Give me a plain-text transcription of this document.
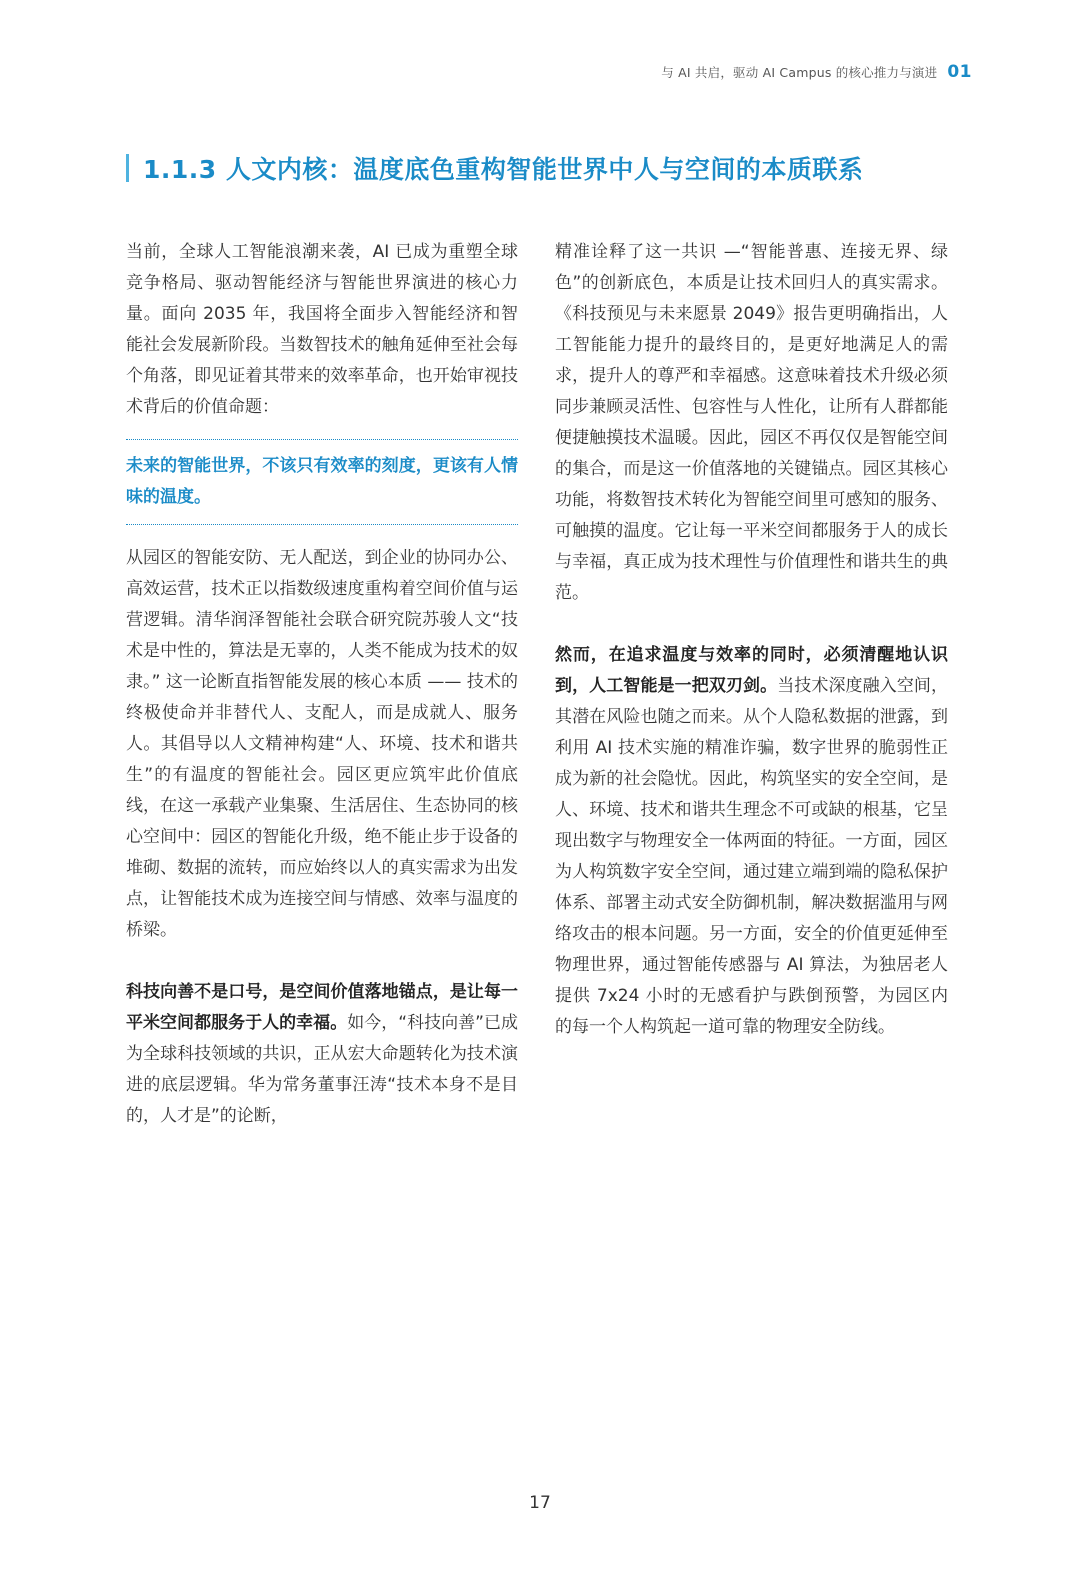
与 AI 共启，驱动 AI Campus 的核心推力与演进 01
1.1.3 人文内核：温度底色重构智能世界中人与空间的本质联系

当前，全球人工智能浪潮来袭，AI 已成为重塑全球竞争格局、驱动智能经济与智能世界演进的核心力量。面向 2035 年，我国将全面步入智能经济和智能社会发展新阶段。当数智技术的触角延伸至社会每个角落，即见证着其带来的效率革命，也开始审视技术背后的价值命题：

未来的智能世界，不该只有效率的刻度，更该有人情味的温度。

从园区的智能安防、无人配送，到企业的协同办公、高效运营，技术正以指数级速度重构着空间价值与运营逻辑。清华润泽智能社会联合研究院苏骏人文“技术是中性的，算法是无辜的，人类不能成为技术的奴隶。” 这一论断直指智能发展的核心本质 —— 技术的终极使命并非替代人、支配人，而是成就人、服务人。其倡导以人文精神构建“人、环境、技术和谐共生”的有温度的智能社会。园区更应筑牢此价值底线，在这一承载产业集聚、生活居住、生态协同的核心空间中：园区的智能化升级，绝不能止步于设备的堆砌、数据的流转，而应始终以人的真实需求为出发点，让智能技术成为连接空间与情感、效率与温度的桥梁。

科技向善不是口号，是空间价值落地锚点，是让每一平米空间都服务于人的幸福。如今，“科技向善”已成为全球科技领域的共识，正从宏大命题转化为技术演进的底层逻辑。华为常务董事汪涛“技术本身不是目的，人才是”的论断，

精准诠释了这一共识 —“智能普惠、连接无界、绿色”的创新底色，本质是让技术回归人的真实需求。《科技预见与未来愿景 2049》报告更明确指出，人工智能能力提升的最终目的，是更好地满足人的需求，提升人的尊严和幸福感。这意味着技术升级必须同步兼顾灵活性、包容性与人性化，让所有人群都能便捷触摸技术温暖。因此，园区不再仅仅是智能空间的集合，而是这一价值落地的关键锚点。园区其核心功能，将数智技术转化为智能空间里可感知的服务、可触摸的温度。它让每一平米空间都服务于人的成长与幸福，真正成为技术理性与价值理性和谐共生的典范。

然而，在追求温度与效率的同时，必须清醒地认识到，人工智能是一把双刃剑。当技术深度融入空间，其潜在风险也随之而来。从个人隐私数据的泄露，到利用 AI 技术实施的精准诈骗，数字世界的脆弱性正成为新的社会隐忧。因此，构筑坚实的安全空间，是人、环境、技术和谐共生理念不可或缺的根基，它呈现出数字与物理安全一体两面的特征。一方面，园区为人构筑数字安全空间，通过建立端到端的隐私保护体系、部署主动式安全防御机制，解决数据滥用与网络攻击的根本问题。另一方面，安全的价值更延伸至物理世界，通过智能传感器与 AI 算法，为独居老人提供 7x24 小时的无感看护与跌倒预警，为园区内的每一个人构筑起一道可靠的物理安全防线。

17
